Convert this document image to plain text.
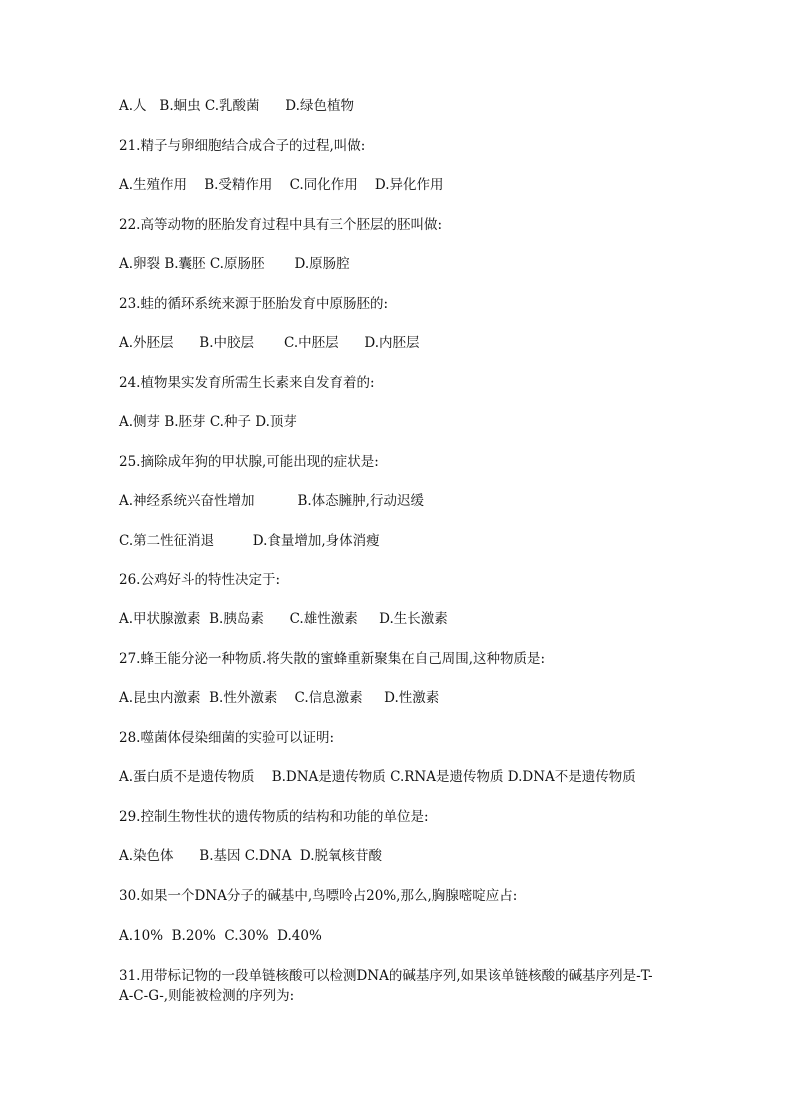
A.人   B.蛔虫 C.乳酸菌      D.绿色植物
21.精子与卵细胞结合成合子的过程,叫做:
A.生殖作用    B.受精作用    C.同化作用    D.异化作用
22.高等动物的胚胎发育过程中具有三个胚层的胚叫做:
A.卵裂 B.囊胚 C.原肠胚       D.原肠腔
23.蛙的循环系统来源于胚胎发育中原肠胚的:
A.外胚层      B.中胶层       C.中胚层      D.内胚层
24.植物果实发育所需生长素来自发育着的:
A.侧芽 B.胚芽 C.种子 D.顶芽
25.摘除成年狗的甲状腺,可能出现的症状是:
A.神经系统兴奋性增加          B.体态臃肿,行动迟缓
C.第二性征消退         D.食量增加,身体消瘦
26.公鸡好斗的特性决定于:
A.甲状腺激素  B.胰岛素      C.雄性激素     D.生长激素
27.蜂王能分泌一种物质.将失散的蜜蜂重新聚集在自己周围,这种物质是:
A.昆虫内激素  B.性外激素    C.信息激素     D.性激素
28.噬菌体侵染细菌的实验可以证明:
A.蛋白质不是遗传物质    B.DNA是遗传物质 C.RNA是遗传物质 D.DNA不是遗传物质
29.控制生物性状的遗传物质的结构和功能的单位是:
A.染色体      B.基因 C.DNA  D.脱氧核苷酸
30.如果一个DNA分子的碱基中,鸟嘌呤占20%,那么,胸腺嘧啶应占:
A.10%  B.20%  C.30%  D.40%
31.用带标记物的一段单链核酸可以检测DNA的碱基序列,如果该单链核酸的碱基序列是-T-A-C-G-,则能被检测的序列为:
